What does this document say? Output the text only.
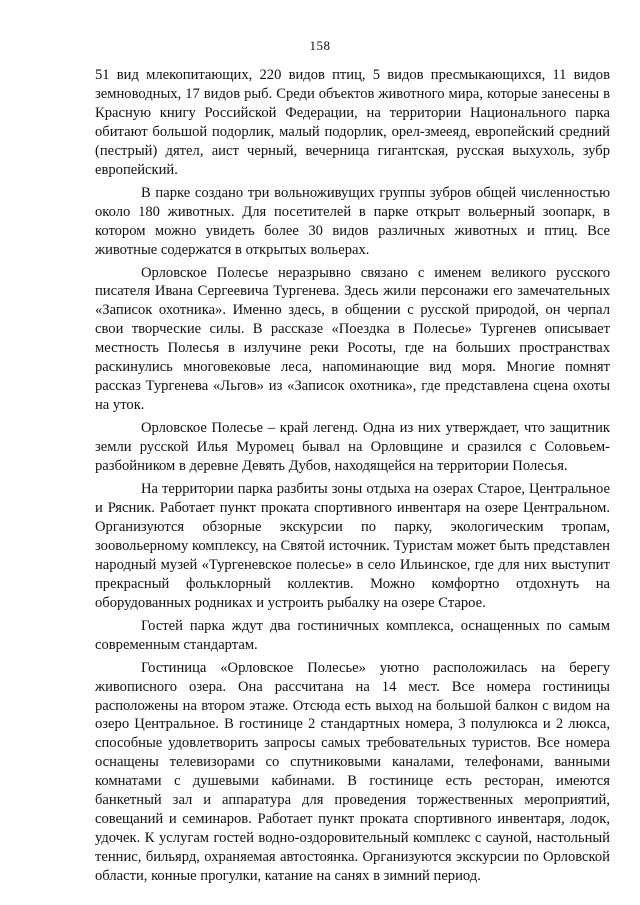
158

51 вид млекопитающих, 220 видов птиц, 5 видов пресмыкающихся, 11 видов земноводных, 17 видов рыб. Среди объектов животного мира, которые занесены в Красную книгу Российской Федерации, на территории Национального парка обитают большой подорлик, малый подорлик, орел-змееяд, европейский средний (пестрый) дятел, аист черный, вечерница гигантская, русская выхухоль, зубр европейский.

В парке создано три вольноживущих группы зубров общей численностью около 180 животных. Для посетителей в парке открыт вольерный зоопарк, в котором можно увидеть более 30 видов различных животных и птиц. Все животные содержатся в открытых вольерах.

Орловское Полесье неразрывно связано с именем великого русского писателя Ивана Сергеевича Тургенева. Здесь жили персонажи его замечательных «Записок охотника». Именно здесь, в общении с русской природой, он черпал свои творческие силы. В рассказе «Поездка в Полесье» Тургенев описывает местность Полесья в излучине реки Росоты, где на больших пространствах раскинулись многовековые леса, напоминающие вид моря. Многие помнят рассказ Тургенева «Льгов» из «Записок охотника», где представлена сцена охоты на уток.

Орловское Полесье – край легенд. Одна из них утверждает, что защитник земли русской Илья Муромец бывал на Орловщине и сразился с Соловьем-разбойником в деревне Девять Дубов, находящейся на территории Полесья.

На территории парка разбиты зоны отдыха на озерах Старое, Центральное и Рясник. Работает пункт проката спортивного инвентаря на озере Центральном. Организуются обзорные экскурсии по парку, экологическим тропам, зоовольерному комплексу, на Святой источник. Туристам может быть представлен народный музей «Тургеневское полесье» в село Ильинское, где для них выступит прекрасный фольклорный коллектив. Можно комфортно отдохнуть на оборудованных родниках и устроить рыбалку на озере Старое.

Гостей парка ждут два гостиничных комплекса, оснащенных по самым современным стандартам.

Гостиница «Орловское Полесье» уютно расположилась на берегу живописного озера. Она рассчитана на 14 мест. Все номера гостиницы расположены на втором этаже. Отсюда есть выход на большой балкон с видом на озеро Центральное. В гостинице 2 стандартных номера, 3 полулюкса и 2 люкса, способные удовлетворить запросы самых требовательных туристов. Все номера оснащены телевизорами со спутниковыми каналами, телефонами, ванными комнатами с душевыми кабинами. В гостинице есть ресторан, имеются банкетный зал и аппаратура для проведения торжественных мероприятий, совещаний и семинаров. Работает пункт проката спортивного инвентаря, лодок, удочек. К услугам гостей водно-оздоровительный комплекс с сауной, настольный теннис, бильярд, охраняемая автостоянка. Организуются экскурсии по Орловской области, конные прогулки, катание на санях в зимний период.
